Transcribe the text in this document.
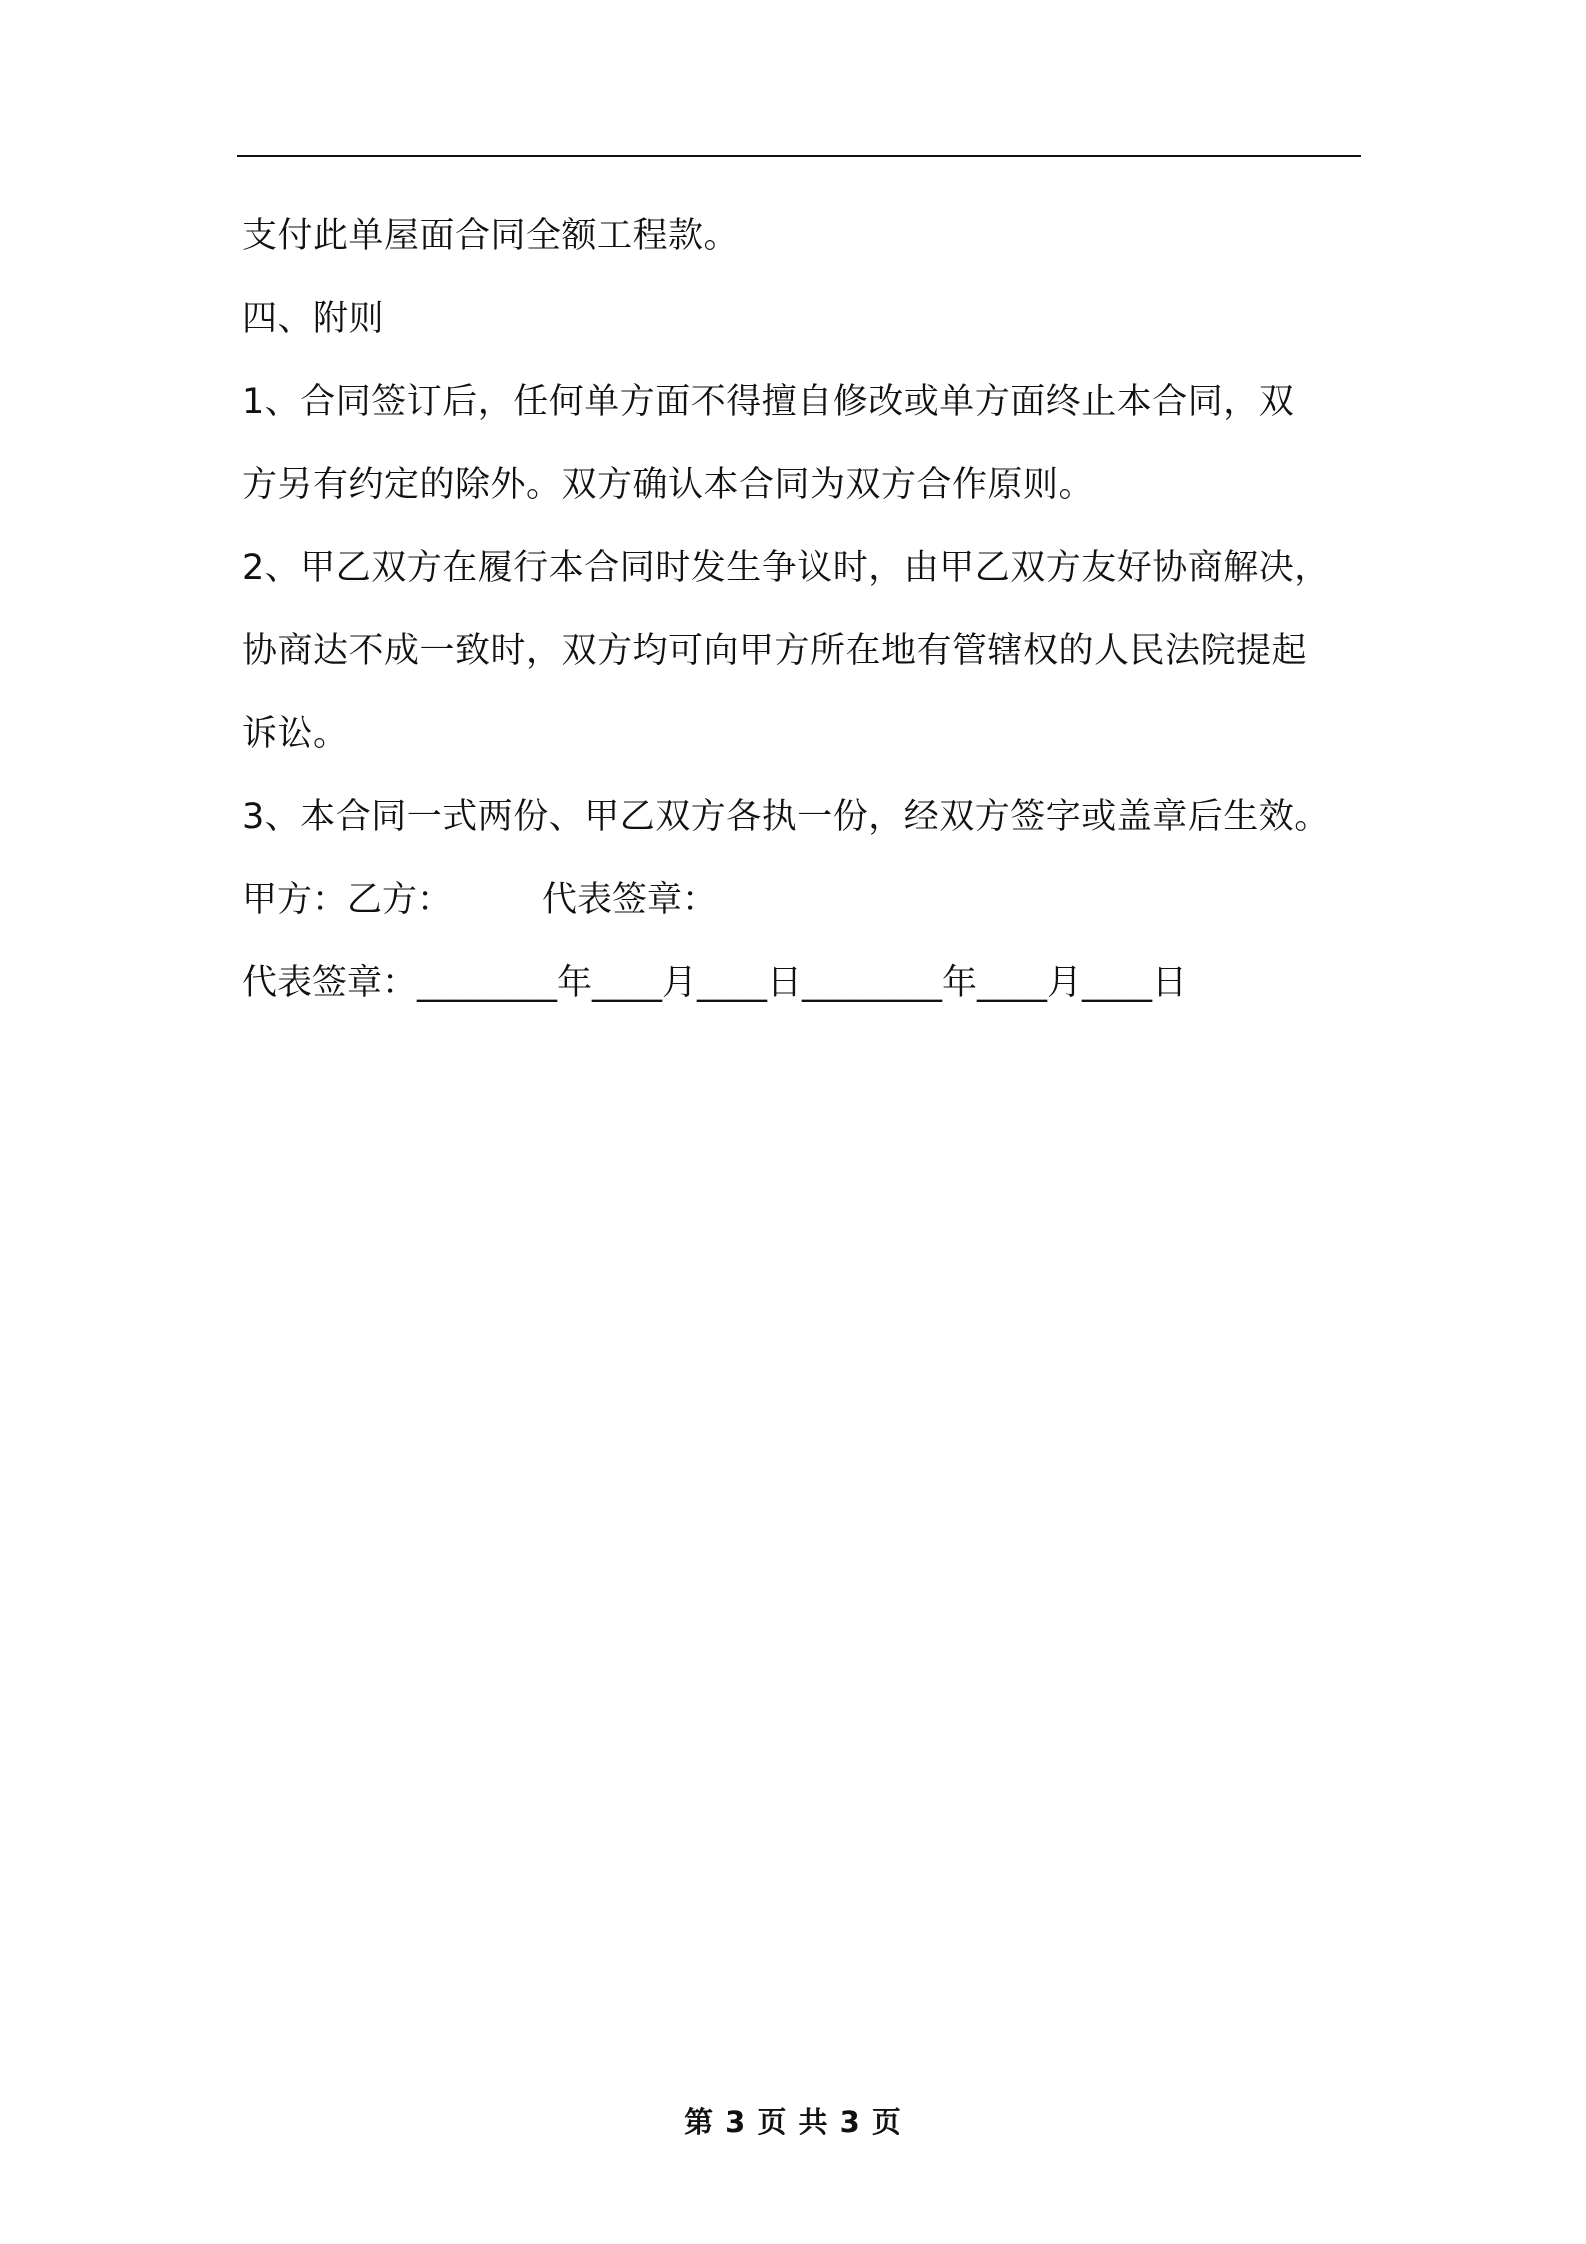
支付此单屋面合同全额工程款。

四、附则

1、合同签订后，任何单方面不得擅自修改或单方面终止本合同，双

方另有约定的除外。双方确认本合同为双方合作原则。

2、甲乙双方在履行本合同时发生争议时，由甲乙双方友好协商解决，

协商达不成一致时，双方均可向甲方所在地有管辖权的人民法院提起

诉讼。

3、本合同一式两份、甲乙双方各执一份，经双方签字或盖章后生效。

甲方：乙方：	代表签章：

代表签章：________年____月____日________年____月____日

第 3 页 共 3 页
